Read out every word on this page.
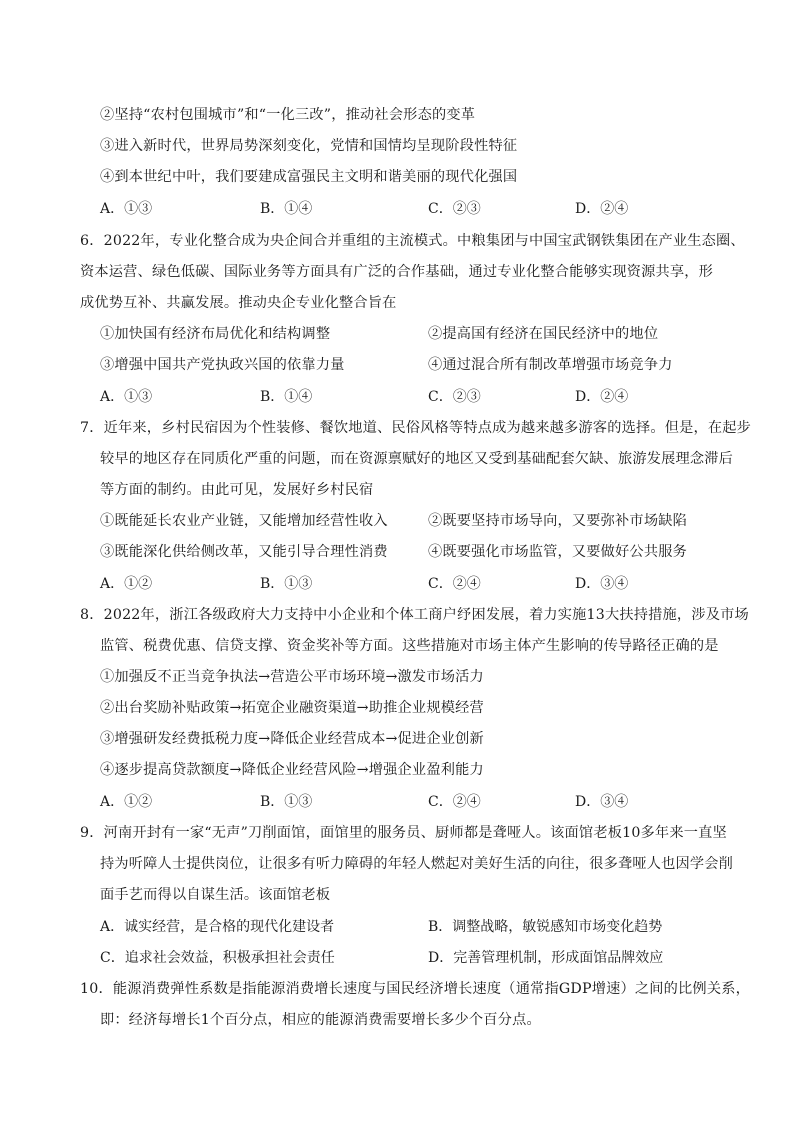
②坚持“农村包围城市”和“一化三改”，推动社会形态的变革
③进入新时代，世界局势深刻变化，党情和国情均呈现阶段性特征
④到本世纪中叶，我们要建成富强民主文明和谐美丽的现代化强国
A．①③	B．①④	C．②③	D．②④
6．2022年，专业化整合成为央企间合并重组的主流模式。中粮集团与中国宝武钢铁集团在产业生态圈、
资本运营、绿色低碳、国际业务等方面具有广泛的合作基础，通过专业化整合能够实现资源共享，形
成优势互补、共赢发展。推动央企专业化整合旨在
①加快国有经济布局优化和结构调整	②提高国有经济在国民经济中的地位
③增强中国共产党执政兴国的依靠力量	④通过混合所有制改革增强市场竞争力
A．①③	B．①④	C．②③	D．②④
7．近年来，乡村民宿因为个性装修、餐饮地道、民俗风格等特点成为越来越多游客的选择。但是，在起步
较早的地区存在同质化严重的问题，而在资源禀赋好的地区又受到基础配套欠缺、旅游发展理念滞后
等方面的制约。由此可见，发展好乡村民宿
①既能延长农业产业链，又能增加经营性收入	②既要坚持市场导向，又要弥补市场缺陷
③既能深化供给侧改革，又能引导合理性消费	④既要强化市场监管，又要做好公共服务
A．①②	B．①③	C．②④	D．③④
8．2022年，浙江各级政府大力支持中小企业和个体工商户纾困发展，着力实施13大扶持措施，涉及市场
监管、税费优惠、信贷支撑、资金奖补等方面。这些措施对市场主体产生影响的传导路径正确的是
①加强反不正当竞争执法→营造公平市场环境→激发市场活力
②出台奖励补贴政策→拓宽企业融资渠道→助推企业规模经营
③增强研发经费抵税力度→降低企业经营成本→促进企业创新
④逐步提高贷款额度→降低企业经营风险→增强企业盈利能力
A．①②	B．①③	C．②④	D．③④
9．河南开封有一家“无声”刀削面馆，面馆里的服务员、厨师都是聋哑人。该面馆老板10多年来一直坚
持为听障人士提供岗位，让很多有听力障碍的年轻人燃起对美好生活的向往，很多聋哑人也因学会削
面手艺而得以自谋生活。该面馆老板
A．诚实经营，是合格的现代化建设者	B．调整战略，敏锐感知市场变化趋势
C．追求社会效益，积极承担社会责任	D．完善管理机制，形成面馆品牌效应
10．能源消费弹性系数是指能源消费增长速度与国民经济增长速度（通常指GDP增速）之间的比例关系，
即：经济每增长1个百分点，相应的能源消费需要增长多少个百分点。
